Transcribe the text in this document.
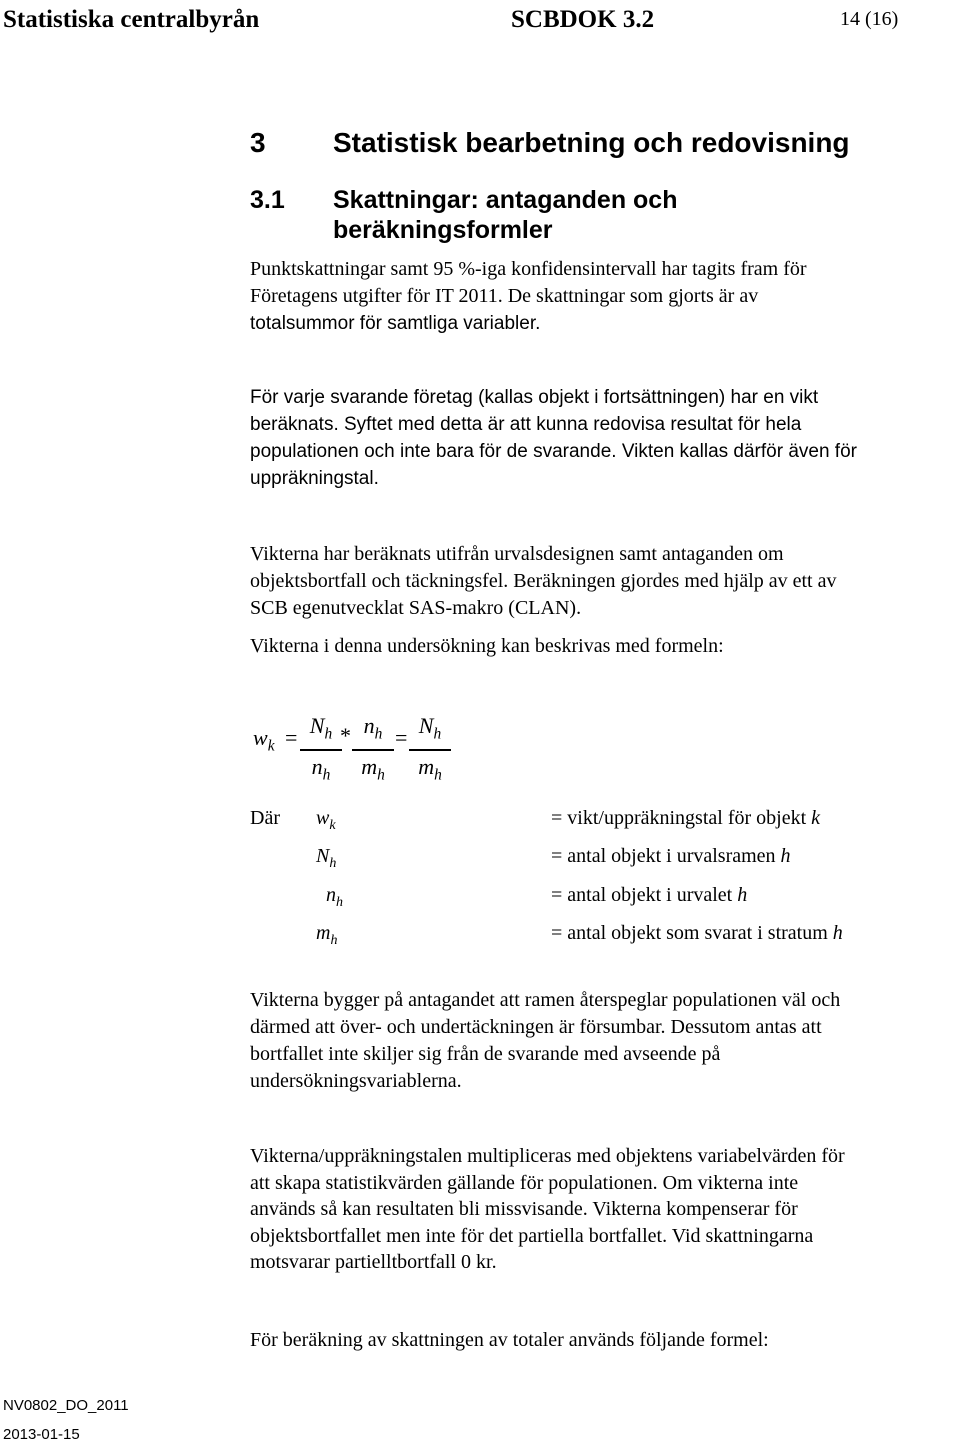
Statistiska centralbyrån	SCBDOK 3.2	14 (16)
3 Statistisk bearbetning och redovisning
3.1 Skattningar: antaganden och
beräkningsformler
Punktskattningar samt 95 %-iga konfidensintervall har tagits fram för
Företagens utgifter för IT 2011. De skattningar som gjorts är av
totalsummor för samtliga variabler.
För varje svarande företag (kallas objekt i fortsättningen) har en vikt
beräknats. Syftet med detta är att kunna redovisa resultat för hela
populationen och inte bara för de svarande. Vikten kallas därför även för
uppräkningstal.
Vikterna har beräknats utifrån urvalsdesignen samt antaganden om
objektsbortfall och täckningsfel. Beräkningen gjordes med hjälp av ett av
SCB egenutvecklat SAS-makro (CLAN).
Vikterna i denna undersökning kan beskrivas med formeln:
$w_k = N_h$
$n_h$
* $n_h$
$m_h$
= $N_h$
$m_h$
Där $w_k$	= vikt/uppräkningstal för objekt k
$N_h$	= antal objekt i urvalsramen h
$n_h$	= antal objekt i urvalet h
$m_h$	= antal objekt som svarat i stratum h
Vikterna bygger på antagandet att ramen återspeglar populationen väl och
därmed att över- och undertäckningen är försumbar. Dessutom antas att
bortfallet inte skiljer sig från de svarande med avseende på
undersökningsvariablerna.
Vikterna/uppräkningstalen multipliceras med objektens variabelvärden för
att skapa statistikvärden gällande för populationen. Om vikterna inte
används så kan resultaten bli missvisande. Vikterna kompenserar för
objektsbortfallet men inte för det partiella bortfallet. Vid skattningarna
motsvarar partielltbortfall 0 kr.
För beräkning av skattningen av totaler används följande formel:
NV0802_DO_2011
2013-01-15
